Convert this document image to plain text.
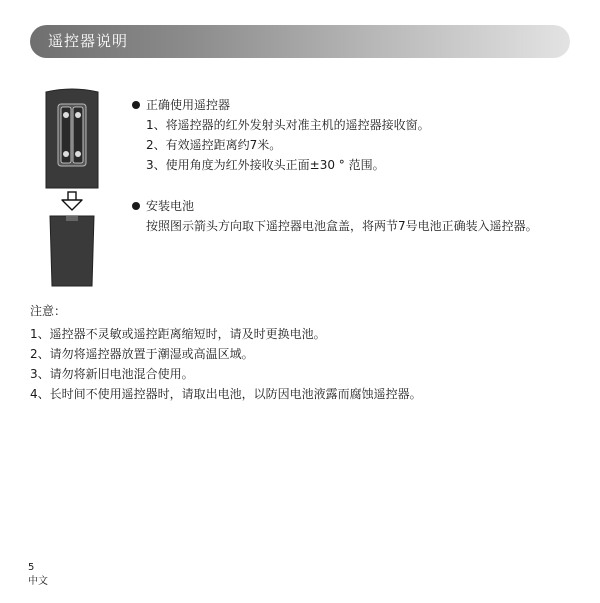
遥控器说明
正确使用遥控器
1、将遥控器的红外发射头对准主机的遥控器接收窗。
2、有效遥控距离约7米。
3、使用角度为红外接收头正面±30 ° 范围。
安装电池
按照图示箭头方向取下遥控器电池盒盖，将两节7号电池正确装入遥控器。
注意：
1、遥控器不灵敏或遥控距离缩短时，请及时更换电池。
2、请勿将遥控器放置于潮湿或高温区域。
3、请勿将新旧电池混合使用。
4、长时间不使用遥控器时，请取出电池，以防因电池液露而腐蚀遥控器。
5
中文
